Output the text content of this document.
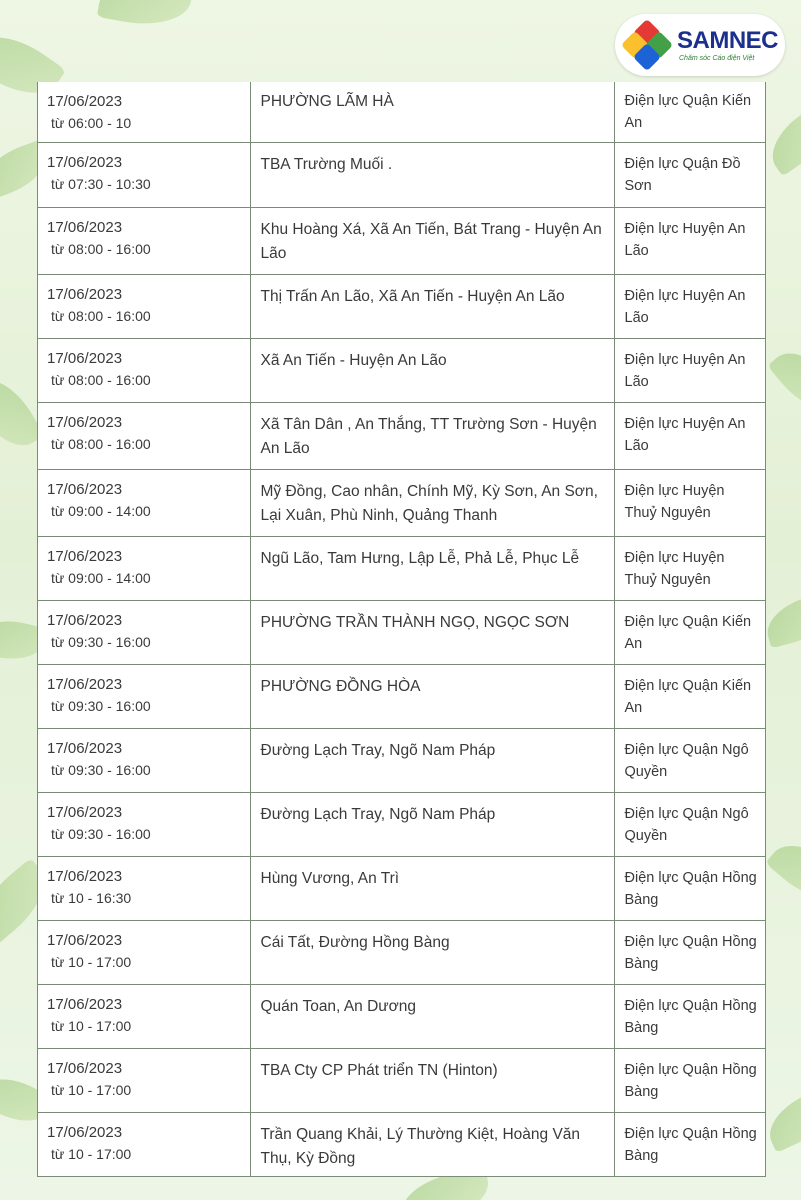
SAMNEC
Chăm sóc Cáo điện Việt
17/06/2023
từ 06:00 - 10	PHƯỜNG LÃM HÀ	Điện lực Quận Kiến An

17/06/2023
từ 07:30 - 10:30	TBA Trường Muối .	Điện lực Quận Đồ Sơn

17/06/2023
từ 08:00 - 16:00	Khu Hoàng Xá, Xã An Tiến, Bát Trang - Huyện An Lão	Điện lực Huyện An Lão

17/06/2023
từ 08:00 - 16:00	Thị Trấn An Lão, Xã An Tiến - Huyện An Lão	Điện lực Huyện An Lão

17/06/2023
từ 08:00 - 16:00	Xã An Tiến - Huyện An Lão	Điện lực Huyện An Lão

17/06/2023
từ 08:00 - 16:00	Xã Tân Dân , An Thắng, TT Trường Sơn - Huyện An Lão	Điện lực Huyện An Lão

17/06/2023
từ 09:00 - 14:00	Mỹ Đồng, Cao nhân, Chính Mỹ, Kỳ Sơn, An Sơn, Lại Xuân, Phù Ninh, Quảng Thanh	Điện lực Huyện Thuỷ Nguyên

17/06/2023
từ 09:00 - 14:00	Ngũ Lão, Tam Hưng, Lập Lễ, Phả Lễ, Phục Lễ	Điện lực Huyện Thuỷ Nguyên

17/06/2023
từ 09:30 - 16:00	PHƯỜNG TRẦN THÀNH NGỌ, NGỌC SƠN	Điện lực Quận Kiến An

17/06/2023
từ 09:30 - 16:00	PHƯỜNG ĐỒNG HÒA	Điện lực Quận Kiến An

17/06/2023
từ 09:30 - 16:00	Đường Lạch Tray, Ngõ Nam Pháp	Điện lực Quận Ngô Quyền

17/06/2023
từ 09:30 - 16:00	Đường Lạch Tray, Ngõ Nam Pháp	Điện lực Quận Ngô Quyền

17/06/2023
từ 10 - 16:30	Hùng Vương, An Trì	Điện lực Quận Hồng Bàng

17/06/2023
từ 10 - 17:00	Cái Tất, Đường Hồng Bàng	Điện lực Quận Hồng Bàng

17/06/2023
từ 10 - 17:00	Quán Toan, An Dương	Điện lực Quận Hồng Bàng

17/06/2023
từ 10 - 17:00	TBA Cty CP Phát triển TN (Hinton)	Điện lực Quận Hồng Bàng

17/06/2023
từ 10 - 17:00	Trần Quang Khải, Lý Thường Kiệt, Hoàng Văn Thụ, Kỳ Đồng	Điện lực Quận Hồng Bàng
